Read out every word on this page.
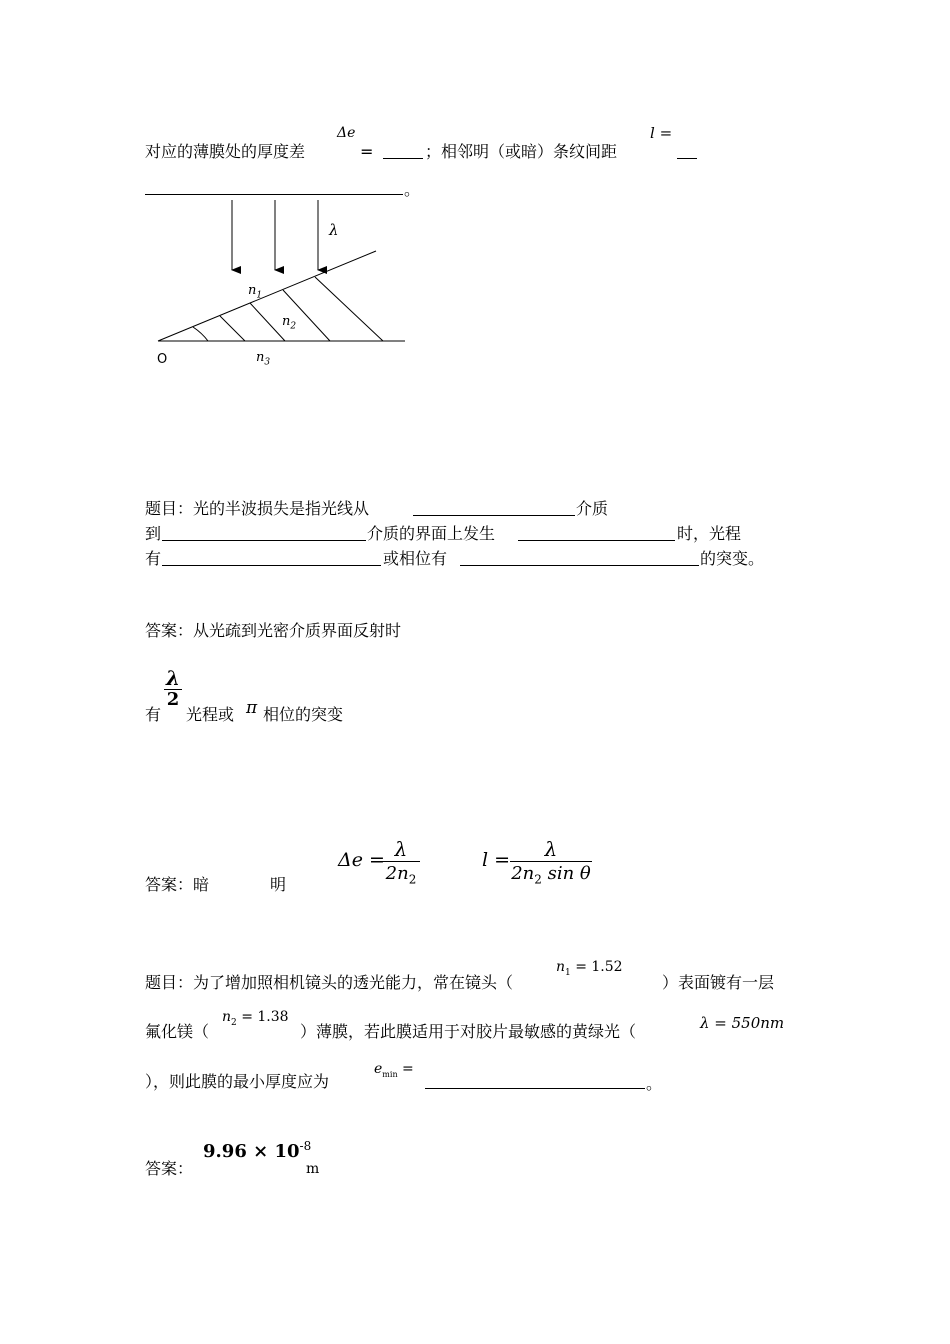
对应的薄膜处的厚度差
Δe
=	；相邻明（或暗）条纹间距
l =
。
λ
$n_1$
$n_2$
$n_3$
O
题目：光的半波损失是指光线从	介质
到	介质的界面上发生	时，光程
有	或相位有	的突变。
答案：从光疏到光密介质界面反射时
有
λ
2
光程或 π 相位的突变
答案：暗	明
Δe = λ
$2n_2$
l =	λ
$2n_2$ sin θ
题目：为了增加照相机镜头的透光能力，常在镜头（
$n_1 = 1.52$
）表面镀有一层
氟化镁（
$n_2 = 1.38$
）薄膜，若此膜适用于对胶片最敏感的黄绿光（	λ = 550nm
），则此膜的最小厚度应为
$e_{min}$ =
。
答案：
$9.96 \times 10^{-8}$
m
